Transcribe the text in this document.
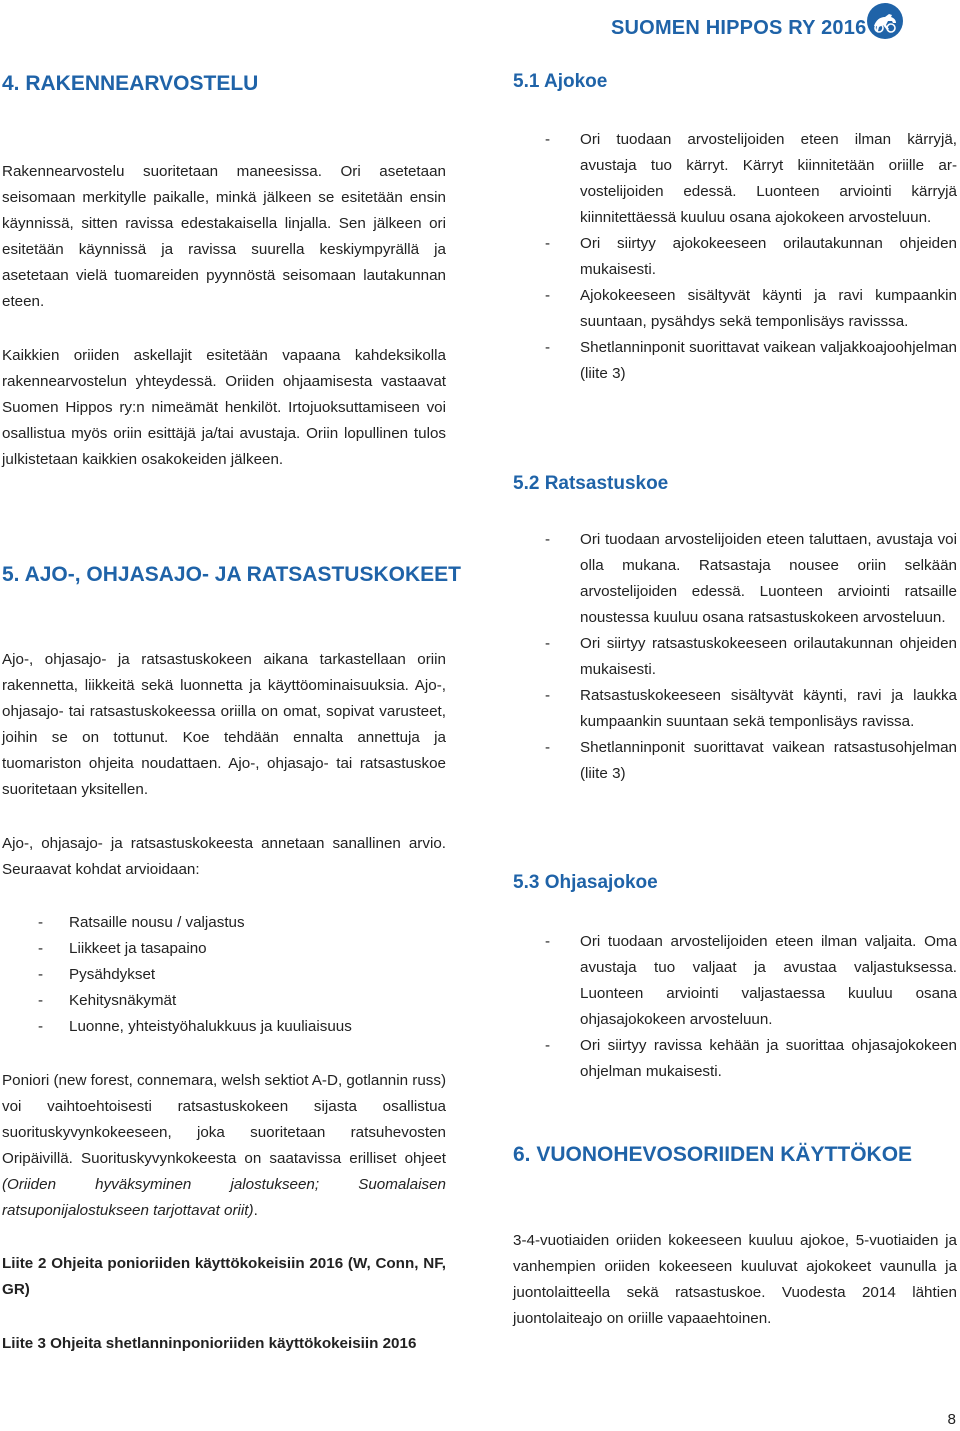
SUOMEN HIPPOS RY 2016
4. RAKENNEARVOSTELU

Rakennearvostelu suoritetaan maneesissa. Ori asetetaan seisomaan merkitylle paikalle, minkä jälkeen se esitetään ensin käynnissä, sitten ravissa edestakaisella linjalla. Sen jälkeen ori esitetään käynnissä ja ravissa suurella keskiympyrällä ja asetetaan vielä tuomareiden pyynnöstä seisomaan lautakunnan eteen.

Kaikkien oriiden askellajit esitetään vapaana kahdeksikolla rakennearvostelun yhteydessä. Oriiden ohjaamisesta vastaavat Suomen Hippos ry:n nimeämät henkilöt. Irtojuoksuttamiseen voi osallistua myös oriin esittäjä ja/tai avustaja. Oriin lopullinen tulos julkistetaan kaikkien osakokeiden jälkeen.

5. AJO-, OHJASAJO- JA RATSASTUSKOKEET

Ajo-, ohjasajo- ja ratsastuskokeen aikana tarkastellaan oriin rakennetta, liikkeitä sekä luonnetta ja käyttöominaisuuksia. Ajo-, ohjasajo- tai ratsastuskokeessa oriilla on omat, sopivat varusteet, joihin se on tottunut. Koe tehdään ennalta annettuja ja tuomariston ohjeita noudattaen. Ajo-, ohjasajo- tai ratsastuskoe suoritetaan yksitellen.

Ajo-, ohjasajo- ja ratsastuskokeesta annetaan sanallinen arvio. Seuraavat kohdat arvioidaan:

- Ratsaille nousu / valjastus
- Liikkeet ja tasapaino
- Pysähdykset
- Kehitysnäkymät
- Luonne, yhteistyöhalukkuus ja kuuliaisuus

Poniori (new forest, connemara, welsh sektiot A-D, gotlannin russ) voi vaihtoehtoisesti ratsastuskokeen sijasta osallistua suorituskyvynkokeeseen, joka suoritetaan ratsuhevosten Oripäivillä. Suorituskyvynkokeesta on saatavissa erilliset ohjeet (Oriiden hyväksyminen jalostukseen; Suomalaisen ratsuponijalostukseen tarjottavat oriit).

Liite 2 Ohjeita ponioriiden käyttökokeisiin 2016 (W, Conn, NF, GR)

Liite 3 Ohjeita shetlanninponioriiden käyttökokeisiin 2016

5.1 Ajokoe
- Ori tuodaan arvostelijoiden eteen ilman kärryjä, avustaja tuo kärryt. Kärryt kiinnitetään oriille arvostelijoiden edessä. Luonteen arviointi kärryjä kiinnitettäessä kuuluu osana ajokokeen arvosteluun.
- Ori siirtyy ajokokeeseen orilautakunnan ohjeiden mukaisesti.
- Ajokokeeseen sisältyvät käynti ja ravi kumpaankin suuntaan, pysähdys sekä temponlisäys ravisssa.
- Shetlanninponit suorittavat vaikean valjakkoajoohjelman (liite 3)
5.2 Ratsastuskoe
- Ori tuodaan arvostelijoiden eteen taluttaen, avustaja voi olla mukana. Ratsastaja nousee oriin selkään arvostelijoiden edessä. Luonteen arviointi ratsaille noustessa kuuluu osana ratsastuskokeen arvosteluun.
- Ori siirtyy ratsastuskokeeseen orilautakunnan ohjeiden mukaisesti.
- Ratsastuskokeeseen sisältyvät käynti, ravi ja laukka kumpaankin suuntaan sekä temponlisäys ravissa.
- Shetlanninponit suorittavat vaikean ratsastusohjelman (liite 3)
5.3 Ohjasajokoe
- Ori tuodaan arvostelijoiden eteen ilman valjaita. Oma avustaja tuo valjaat ja avustaa valjastuksessa. Luonteen arviointi valjastaessa kuuluu osana ohjasajokokeen arvosteluun.
- Ori siirtyy ravissa kehään ja suorittaa ohjasajokokeen ohjelman mukaisesti.
6. VUONOHEVOSORIIDEN KÄYTTÖKOE

3-4-vuotiaiden oriiden kokeeseen kuuluu ajokoe, 5-vuotiaiden ja vanhempien oriiden kokeeseen kuuluvat ajokokeet vaunulla ja juontolaitteella sekä ratsastuskoe. Vuodesta 2014 lähtien juontolaiteajo on oriille vapaaehtoinen.

8
